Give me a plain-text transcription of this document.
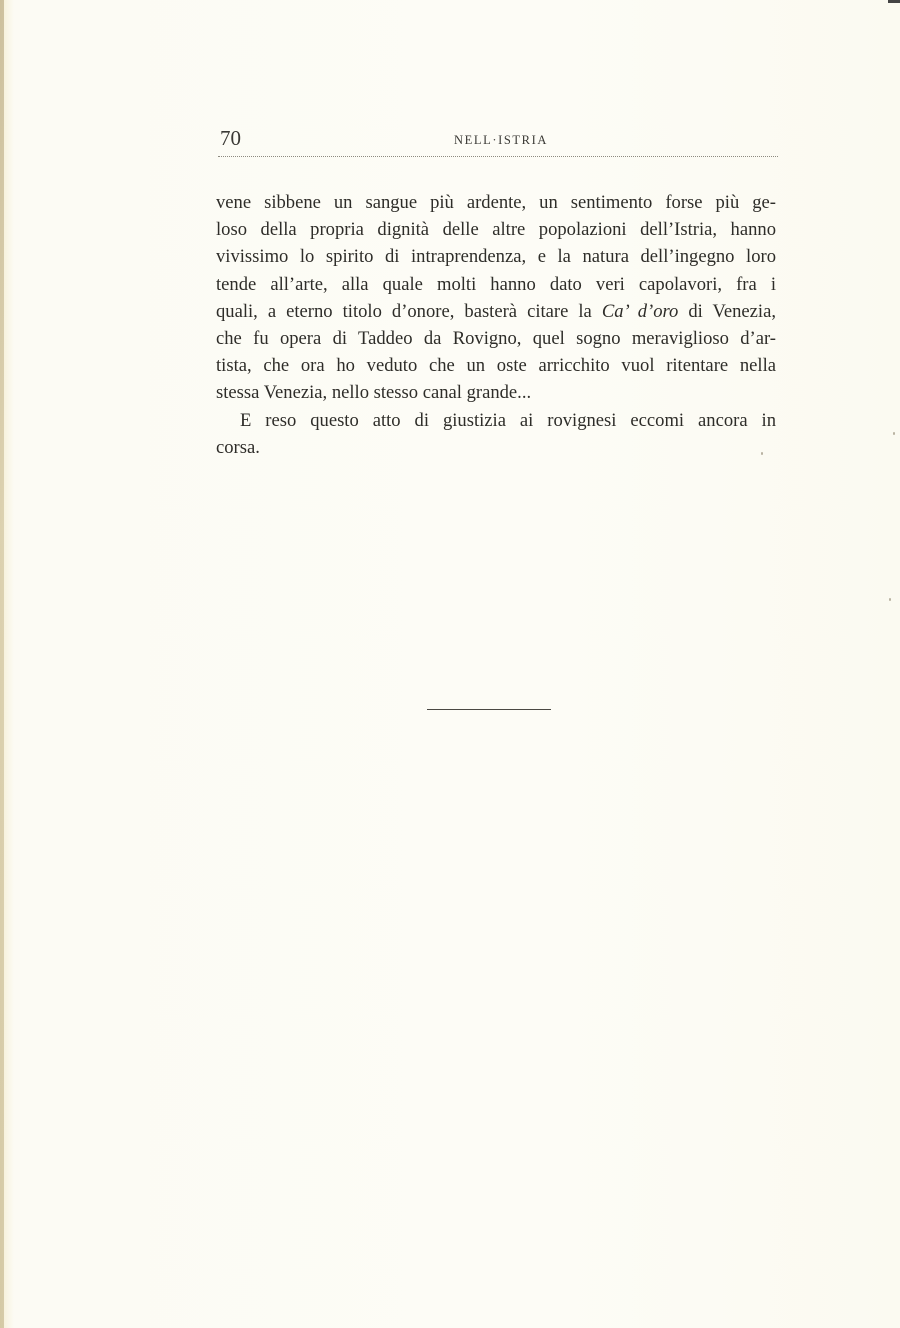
70	NELL·ISTRIA

vene sibbene un sangue più ardente, un sentimento forse più ge-
loso della propria dignità delle altre popolazioni dell’Istria, hanno
vivissimo lo spirito di intraprendenza, e la natura dell’ingegno loro
tende all’arte, alla quale molti hanno dato veri capolavori, fra i
quali, a eterno titolo d’onore, basterà citare la Ca’ d’oro di Venezia,
che fu opera di Taddeo da Rovigno, quel sogno meraviglioso d’ar-
tista, che ora ho veduto che un oste arricchito vuol ritentare nella
stessa Venezia, nello stesso canal grande...

E reso questo atto di giustizia ai rovignesi eccomi ancora in
corsa.
